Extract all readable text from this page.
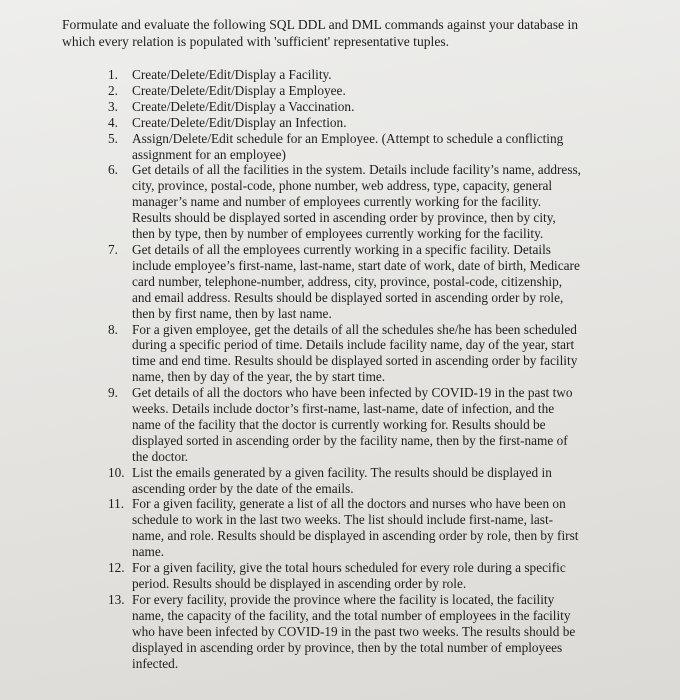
Formulate and evaluate the following SQL DDL and DML commands against your database in which every relation is populated with 'sufficient' representative tuples.

1.	Create/Delete/Edit/Display a Facility.
2.	Create/Delete/Edit/Display a Employee.
3.	Create/Delete/Edit/Display a Vaccination.
4.	Create/Delete/Edit/Display an Infection.
5.	Assign/Delete/Edit schedule for an Employee. (Attempt to schedule a conflicting assignment for an employee)
6.	Get details of all the facilities in the system. Details include facility’s name, address, city, province, postal-code, phone number, web address, type, capacity, general manager’s name and number of employees currently working for the facility. Results should be displayed sorted in ascending order by province, then by city, then by type, then by number of employees currently working for the facility.
7.	Get details of all the employees currently working in a specific facility. Details include employee’s first-name, last-name, start date of work, date of birth, Medicare card number, telephone-number, address, city, province, postal-code, citizenship, and email address. Results should be displayed sorted in ascending order by role, then by first name, then by last name.
8.	For a given employee, get the details of all the schedules she/he has been scheduled during a specific period of time. Details include facility name, day of the year, start time and end time. Results should be displayed sorted in ascending order by facility name, then by day of the year, the by start time.
9.	Get details of all the doctors who have been infected by COVID-19 in the past two weeks. Details include doctor’s first-name, last-name, date of infection, and the name of the facility that the doctor is currently working for. Results should be displayed sorted in ascending order by the facility name, then by the first-name of the doctor.
10. List the emails generated by a given facility. The results should be displayed in ascending order by the date of the emails.
11. For a given facility, generate a list of all the doctors and nurses who have been on schedule to work in the last two weeks. The list should include first-name, last-name, and role. Results should be displayed in ascending order by role, then by first name.
12. For a given facility, give the total hours scheduled for every role during a specific period. Results should be displayed in ascending order by role.
13. For every facility, provide the province where the facility is located, the facility name, the capacity of the facility, and the total number of employees in the facility who have been infected by COVID-19 in the past two weeks. The results should be displayed in ascending order by province, then by the total number of employees infected.
